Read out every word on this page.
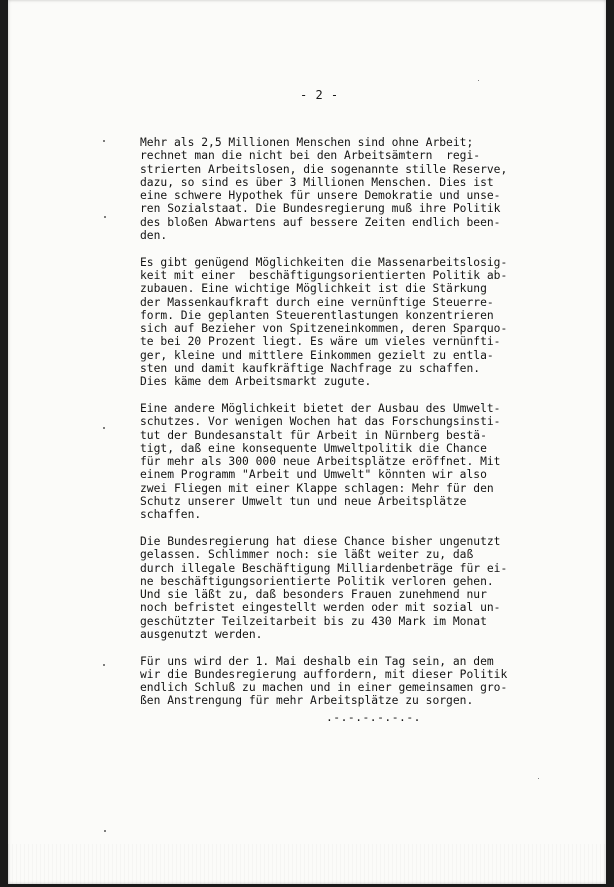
- 2 -
Mehr als 2,5 Millionen Menschen sind ohne Arbeit;
rechnet man die nicht bei den Arbeitsämtern  regi-
strierten Arbeitslosen, die sogenannte stille Reserve,
dazu, so sind es über 3 Millionen Menschen. Dies ist
eine schwere Hypothek für unsere Demokratie und unse-
ren Sozialstaat. Die Bundesregierung muß ihre Politik
des bloßen Abwartens auf bessere Zeiten endlich been-
den.
Es gibt genügend Möglichkeiten die Massenarbeitslosig-
keit mit einer  beschäftigungsorientierten Politik ab-
zubauen. Eine wichtige Möglichkeit ist die Stärkung
der Massenkaufkraft durch eine vernünftige Steuerre-
form. Die geplanten Steuerentlastungen konzentrieren
sich auf Bezieher von Spitzeneinkommen, deren Sparquo-
te bei 20 Prozent liegt. Es wäre um vieles vernünfti-
ger, kleine und mittlere Einkommen gezielt zu entla-
sten und damit kaufkräftige Nachfrage zu schaffen.
Dies käme dem Arbeitsmarkt zugute.
Eine andere Möglichkeit bietet der Ausbau des Umwelt-
schutzes. Vor wenigen Wochen hat das Forschungsinsti-
tut der Bundesanstalt für Arbeit in Nürnberg bestä-
tigt, daß eine konsequente Umweltpolitik die Chance
für mehr als 300 000 neue Arbeitsplätze eröffnet. Mit
einem Programm "Arbeit und Umwelt" könnten wir also
zwei Fliegen mit einer Klappe schlagen: Mehr für den
Schutz unserer Umwelt tun und neue Arbeitsplätze
schaffen.
Die Bundesregierung hat diese Chance bisher ungenutzt
gelassen. Schlimmer noch: sie läßt weiter zu, daß
durch illegale Beschäftigung Milliardenbeträge für ei-
ne beschäftigungsorientierte Politik verloren gehen.
Und sie läßt zu, daß besonders Frauen zunehmend nur
noch befristet eingestellt werden oder mit sozial un-
geschützter Teilzeitarbeit bis zu 430 Mark im Monat
ausgenutzt werden.
Für uns wird der 1. Mai deshalb ein Tag sein, an dem
wir die Bundesregierung auffordern, mit dieser Politik
endlich Schluß zu machen und in einer gemeinsamen gro-
ßen Anstrengung für mehr Arbeitsplätze zu sorgen.
.-.-.-.-.-.-.
